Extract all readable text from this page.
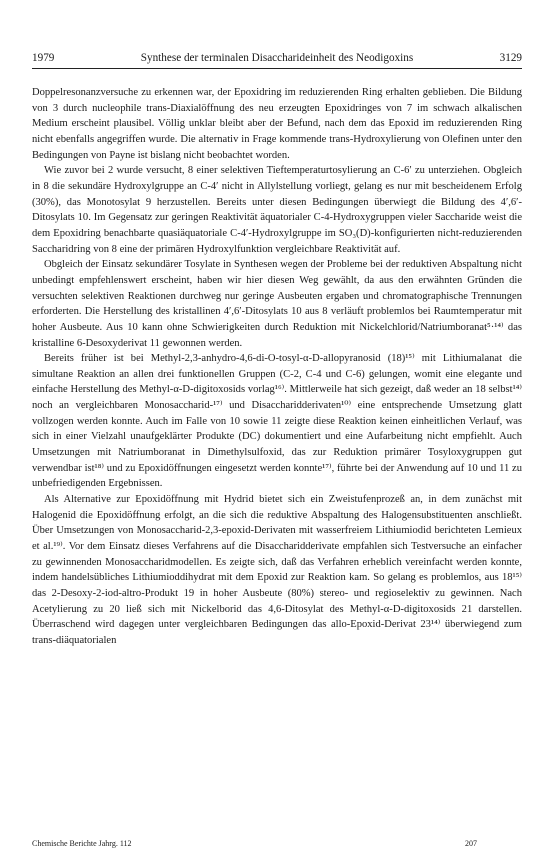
1979	Synthese der terminalen Disaccharideinheit des Neodigoxins	3129

Doppelresonanzversuche zu erkennen war, der Epoxidring im reduzierenden Ring erhalten geblieben. Die Bildung von 3 durch nucleophile trans-Diaxialöffnung des neu erzeugten Epoxidringes von 7 im schwach alkalischen Medium erscheint plausibel. Völlig unklar bleibt aber der Befund, nach dem das Epoxid im reduzierenden Ring nicht ebenfalls angegriffen wurde. Die alternativ in Frage kommende trans-Hydroxylierung von Olefinen unter den Bedingungen von Payne ist bislang nicht beobachtet worden.

Wie zuvor bei 2 wurde versucht, 8 einer selektiven Tieftemperaturtosylierung an C-6′ zu unterziehen. Obgleich in 8 die sekundäre Hydroxylgruppe an C-4′ nicht in Allylstellung vorliegt, gelang es nur mit bescheidenem Erfolg (30%), das Monotosylat 9 herzustellen. Bereits unter diesen Bedingungen überwiegt die Bildung des 4′,6′-Ditosylats 10. Im Gegensatz zur geringen Reaktivität äquatorialer C-4-Hydroxygruppen vieler Saccharide weist die dem Epoxidring benachbarte quasiäquatoriale C-4′-Hydroxylgruppe im SO₃(D)-konfigurierten nicht-reduzierenden Saccharidring von 8 eine der primären Hydroxylfunktion vergleichbare Reaktivität auf.

Obgleich der Einsatz sekundärer Tosylate in Synthesen wegen der Probleme bei der reduktiven Abspaltung nicht unbedingt empfehlenswert erscheint, haben wir hier diesen Weg gewählt, da aus den erwähnten Gründen die versuchten selektiven Reaktionen durchweg nur geringe Ausbeuten ergaben und chromatographische Trennungen erforderten. Die Herstellung des kristallinen 4′,6′-Ditosylats 10 aus 8 verläuft problemlos bei Raumtemperatur mit hoher Ausbeute. Aus 10 kann ohne Schwierigkeiten durch Reduktion mit Nickelchlorid/Natriumboranat⁵·¹⁴⁾ das kristalline 6-Desoxyderivat 11 gewonnen werden.

Bereits früher ist bei Methyl-2,3-anhydro-4,6-di-O-tosyl-α-D-allopyranosid (18)¹⁵⁾ mit Lithiumalanat die simultane Reaktion an allen drei funktionellen Gruppen (C-2, C-4 und C-6) gelungen, womit eine elegante und einfache Herstellung des Methyl-α-D-digitoxosids vorlag¹⁶⁾. Mittlerweile hat sich gezeigt, daß weder an 18 selbst¹⁴⁾ noch an vergleichbaren Monosaccharid-¹⁷⁾ und Disaccharidderivaten¹⁰⁾ eine entsprechende Umsetzung glatt vollzogen werden konnte. Auch im Falle von 10 sowie 11 zeigte diese Reaktion keinen einheitlichen Verlauf, was sich in einer Vielzahl unaufgeklärter Produkte (DC) dokumentiert und eine Aufarbeitung nicht empfiehlt. Auch Umsetzungen mit Natriumboranat in Dimethylsulfoxid, das zur Reduktion primärer Tosyloxygruppen gut verwendbar ist¹⁸⁾ und zu Epoxidöffnungen eingesetzt werden konnte¹⁷⁾, führte bei der Anwendung auf 10 und 11 zu unbefriedigenden Ergebnissen.

Als Alternative zur Epoxidöffnung mit Hydrid bietet sich ein Zweistufenprozeß an, in dem zunächst mit Halogenid die Epoxidöffnung erfolgt, an die sich die reduktive Abspaltung des Halogensubstituenten anschließt. Über Umsetzungen von Monosaccharid-2,3-epoxid-Derivaten mit wasserfreiem Lithiumiodid berichteten Lemieux et al.¹⁹⁾. Vor dem Einsatz dieses Verfahrens auf die Disaccharidderivate empfahlen sich Testversuche an einfacher zu gewinnenden Monosaccharidmodellen. Es zeigte sich, daß das Verfahren erheblich vereinfacht werden konnte, indem handelsübliches Lithiumioddihydrat mit dem Epoxid zur Reaktion kam. So gelang es problemlos, aus 18¹⁵⁾ das 2-Desoxy-2-iod-altro-Produkt 19 in hoher Ausbeute (80%) stereo- und regioselektiv zu gewinnen. Nach Acetylierung zu 20 ließ sich mit Nickelborid das 4,6-Ditosylat des Methyl-α-D-digitoxosids 21 darstellen. Überraschend wird dagegen unter vergleichbaren Bedingungen das allo-Epoxid-Derivat 23¹⁴⁾ überwiegend zum trans-diäquatorialen

Chemische Berichte Jahrg. 112	207
